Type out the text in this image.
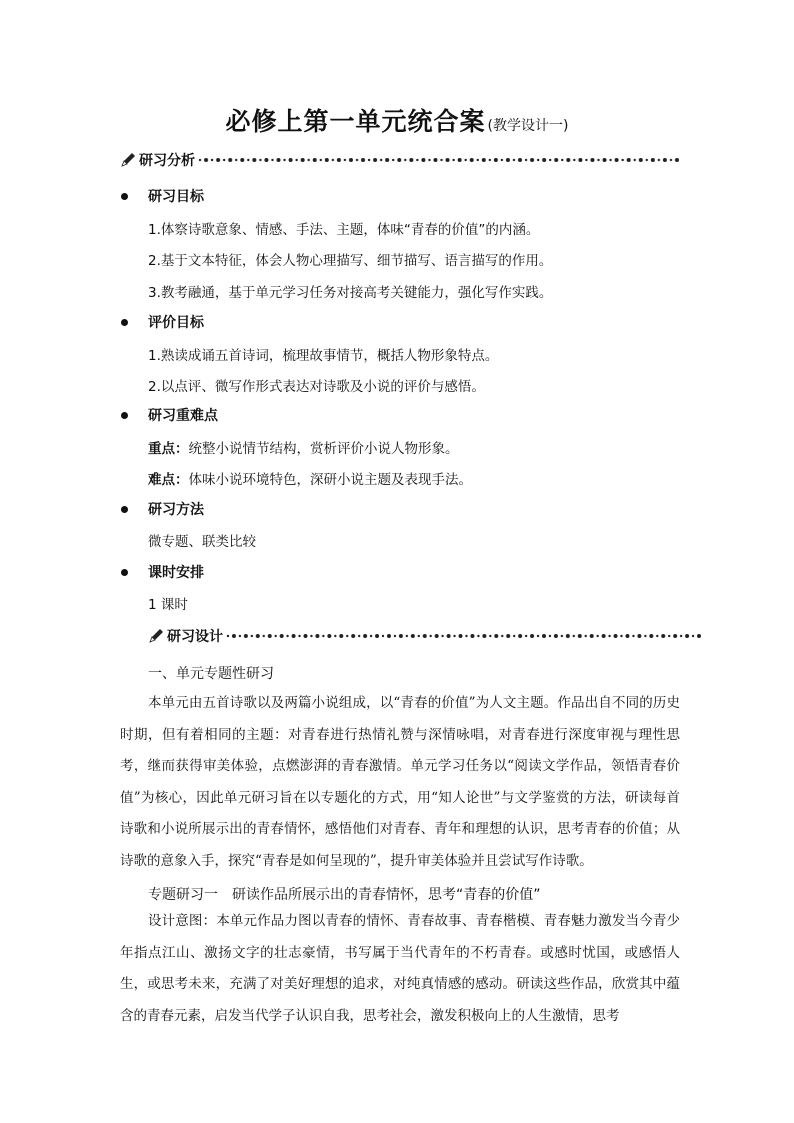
必修上第一单元统合案 (教学设计一)
研习分析
研习目标
1.体察诗歌意象、情感、手法、主题，体味“青春的价值”的内涵。
2.基于文本特征，体会人物心理描写、细节描写、语言描写的作用。
3.教考融通，基于单元学习任务对接高考关键能力，强化写作实践。
评价目标
1.熟读成诵五首诗词，梳理故事情节，概括人物形象特点。
2.以点评、微写作形式表达对诗歌及小说的评价与感悟。
研习重难点
重点：统整小说情节结构，赏析评价小说人物形象。
难点：体味小说环境特色，深研小说主题及表现手法。
研习方法
微专题、联类比较
课时安排
1 课时
研习设计
一、单元专题性研习
本单元由五首诗歌以及两篇小说组成，以“青春的价值”为人文主题。作品出自不同的历史时期，但有着相同的主题：对青春进行热情礼赞与深情咏唱，对青春进行深度审视与理性思考，继而获得审美体验，点燃澎湃的青春激情。单元学习任务以“阅读文学作品，领悟青春价值”为核心，因此单元研习旨在以专题化的方式，用“知人论世”与文学鉴赏的方法，研读每首诗歌和小说所展示出的青春情怀，感悟他们对青春、青年和理想的认识，思考青春的价值；从诗歌的意象入手，探究“青春是如何呈现的”，提升审美体验并且尝试写作诗歌。
专题研习一　研读作品所展示出的青春情怀，思考“青春的价值”
设计意图：本单元作品力图以青春的情怀、青春故事、青春楷模、青春魅力激发当今青少年指点江山、激扬文字的壮志豪情，书写属于当代青年的不朽青春。或感时忧国，或感悟人生，或思考未来，充满了对美好理想的追求，对纯真情感的感动。研读这些作品，欣赏其中蕴含的青春元素，启发当代学子认识自我，思考社会，激发积极向上的人生激情，思考
